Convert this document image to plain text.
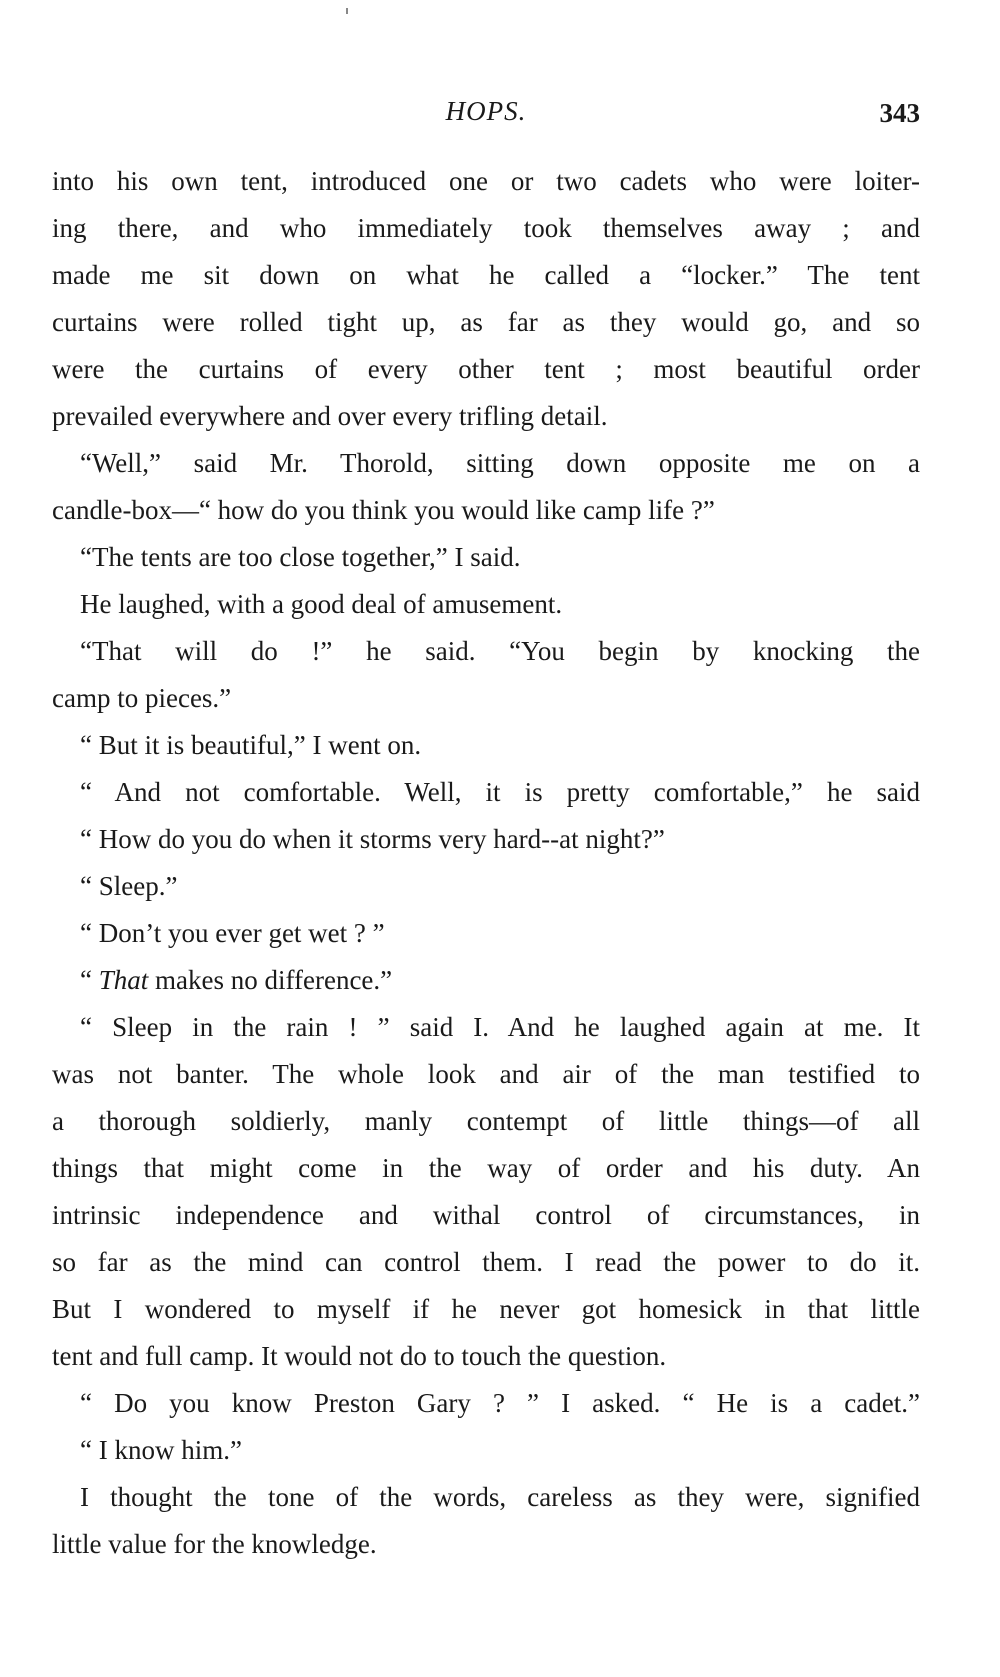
HOPS.	343
into his own tent, introduced one or two cadets who were loiter-
ing there, and who immediately took themselves away ; and
made me sit down on what he called a “locker.” The tent
curtains were rolled tight up, as far as they would go, and so
were the curtains of every other tent ; most beautiful order
prevailed everywhere and over every trifling detail.
“Well,” said Mr. Thorold, sitting down opposite me on a
candle-box—“ how do you think you would like camp life ?”
“The tents are too close together,” I said.
He laughed, with a good deal of amusement.
“That will do !” he said. “You begin by knocking the
camp to pieces.”
“ But it is beautiful,” I went on.
“ And not comfortable. Well, it is pretty comfortable,” he said
“ How do you do when it storms very hard--at night?”
“ Sleep.”
“ Don’t you ever get wet ? ”
“ That makes no difference.”
“ Sleep in the rain ! ” said I. And he laughed again at me. It
was not banter. The whole look and air of the man testified to
a thorough soldierly, manly contempt of little things—of all
things that might come in the way of order and his duty. An
intrinsic independence and withal control of circumstances, in
so far as the mind can control them. I read the power to do it.
But I wondered to myself if he never got homesick in that little
tent and full camp. It would not do to touch the question.
“ Do you know Preston Gary ? ” I asked. “ He is a cadet.”
“ I know him.”
I thought the tone of the words, careless as they were, signified
little value for the knowledge.
